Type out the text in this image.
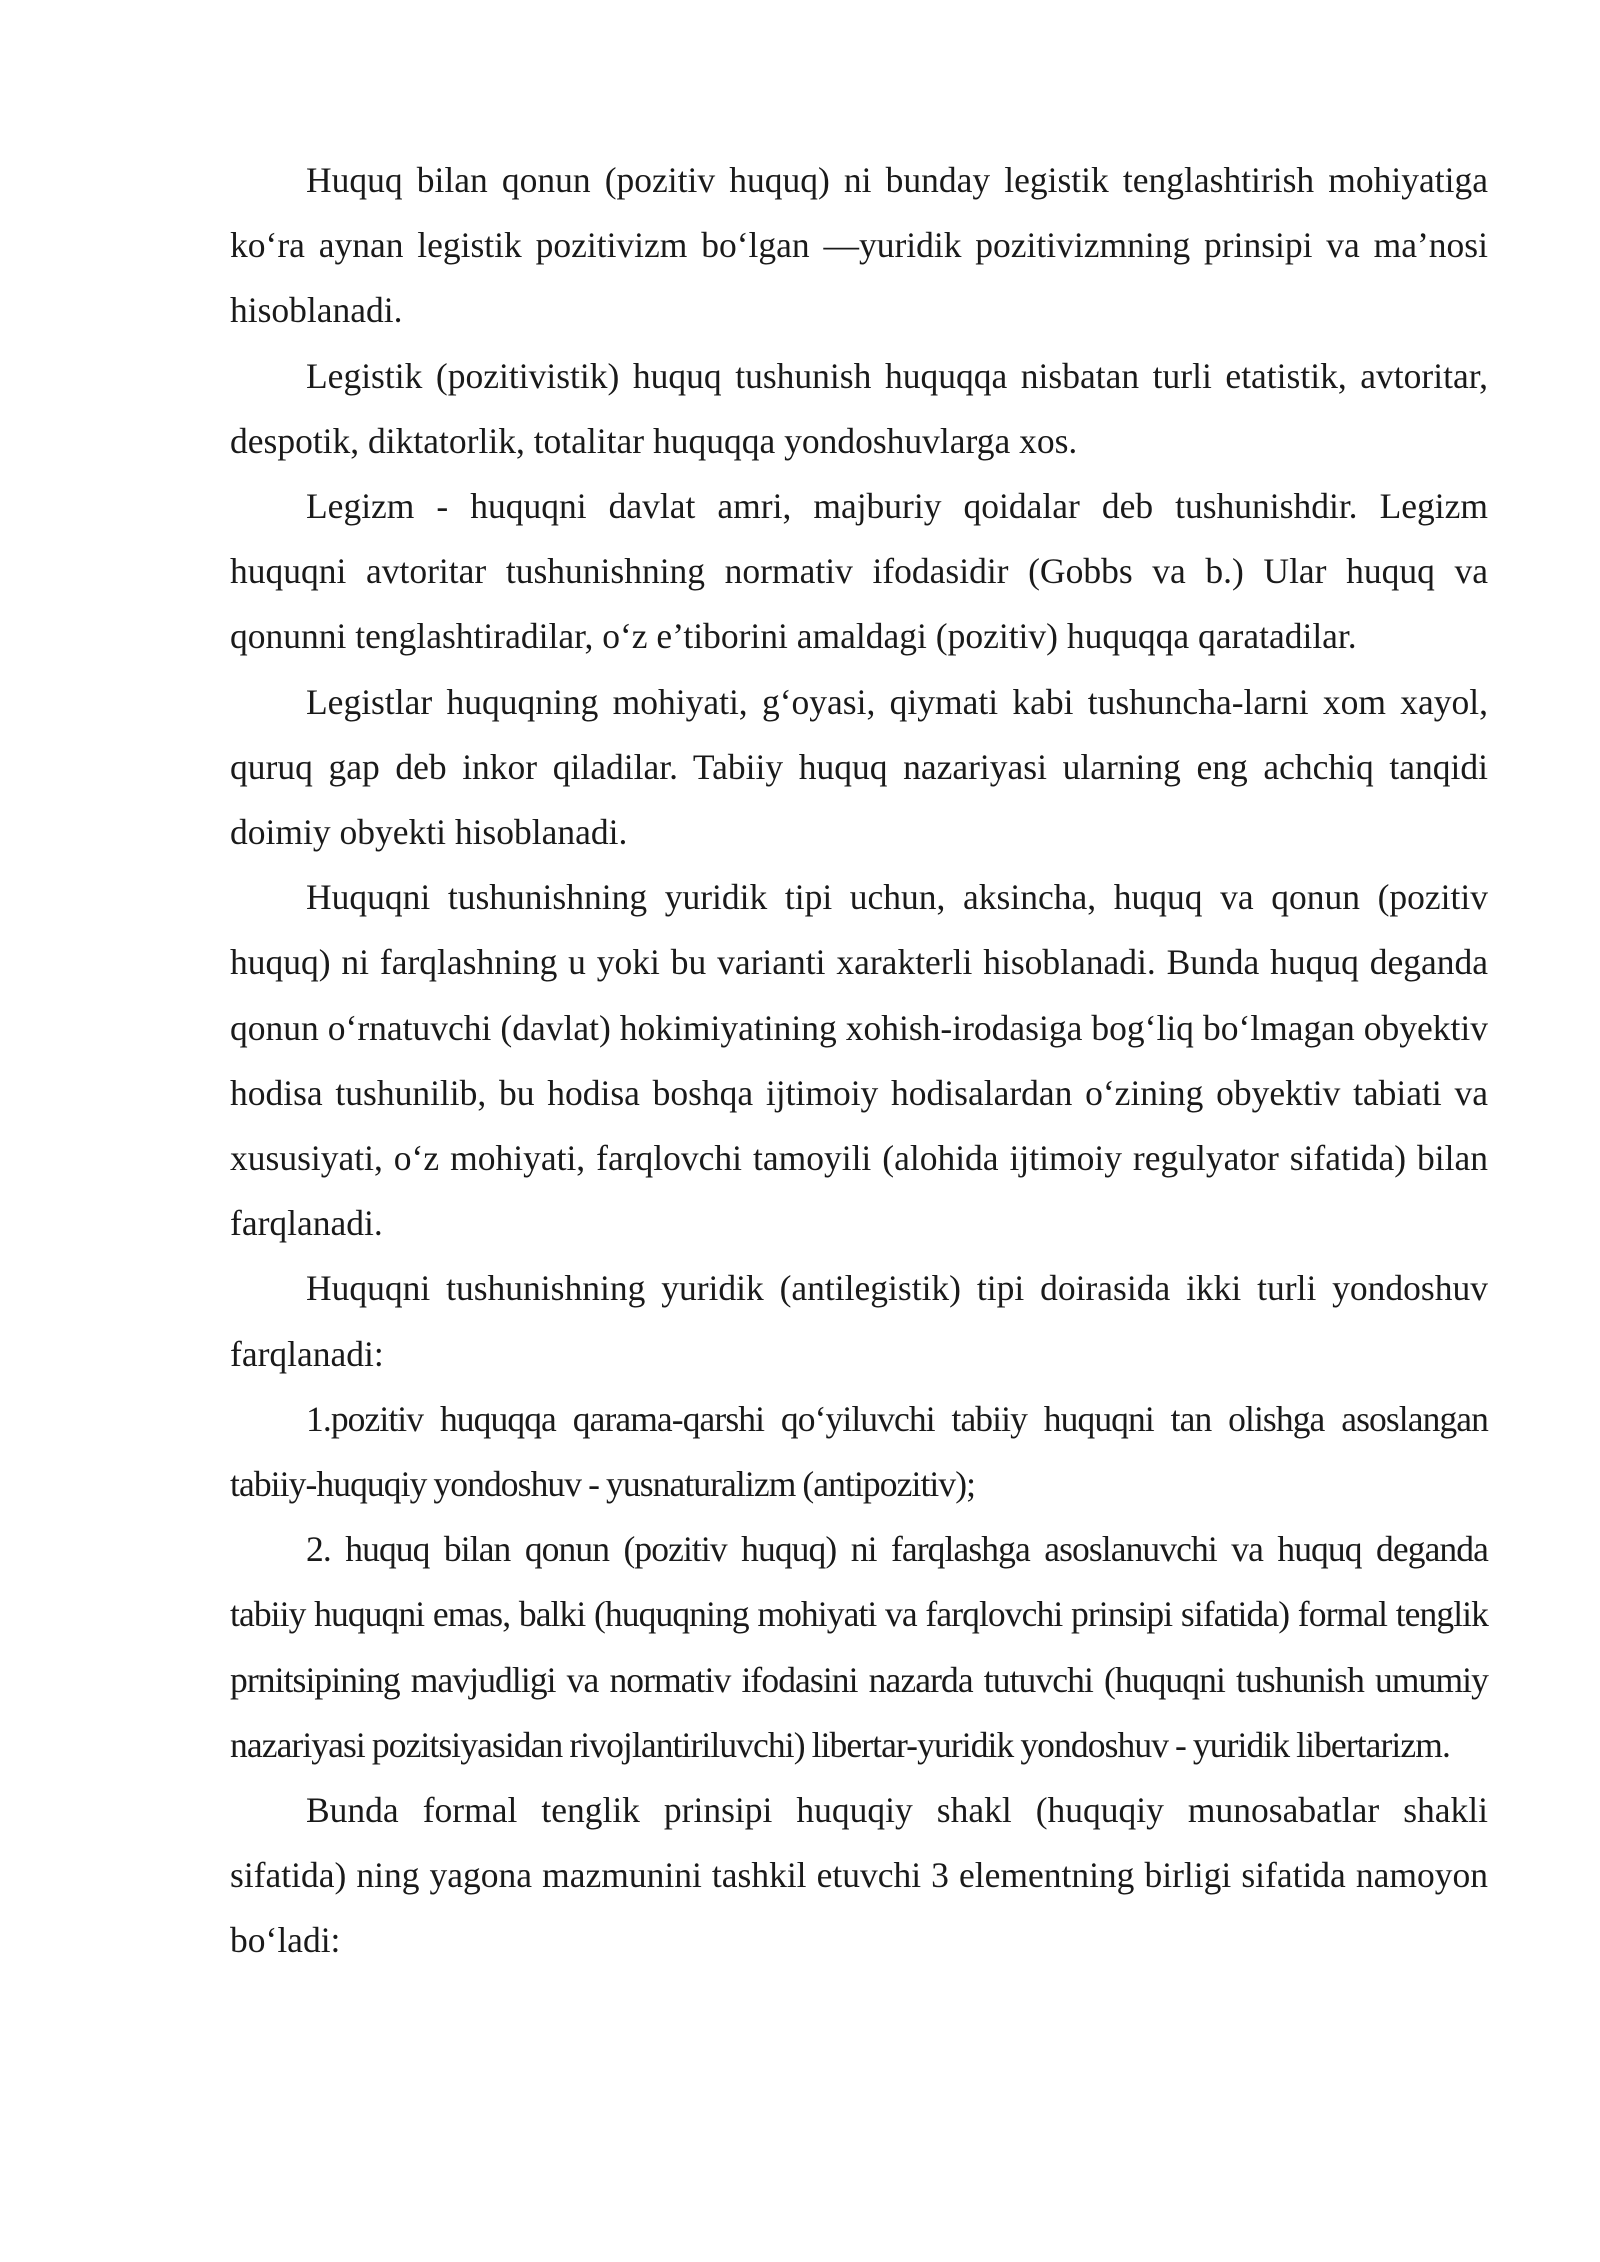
Huquq bilan qonun (pozitiv huquq) ni bunday legistik tenglashtirish mohiyatiga ko‘ra aynan legistik pozitivizm bo‘lgan ―yuridik pozitivizmning prinsipi va ma’nosi hisoblanadi.

Legistik (pozitivistik) huquq tushunish huquqqa nisbatan turli etatistik, avtoritar, despotik, diktatorlik, totalitar huquqqa yondoshuvlarga xos.

Legizm - huquqni davlat amri, majburiy qoidalar deb tushunishdir. Legizm huquqni avtoritar tushunishning normativ ifodasidir (Gobbs va b.) Ular huquq va qonunni tenglashtiradilar, o‘z e’tiborini amaldagi (pozitiv) huquqqa qaratadilar.

Legistlar huquqning mohiyati, g‘oyasi, qiymati kabi tushuncha-larni xom xayol, quruq gap deb inkor qiladilar. Tabiiy huquq nazariyasi ularning eng achchiq tanqidi doimiy obyekti hisoblanadi.

Huquqni tushunishning yuridik tipi uchun, aksincha, huquq va qonun (pozitiv huquq) ni farqlashning u yoki bu varianti xarakterli hisoblanadi. Bunda huquq deganda qonun o‘rnatuvchi (davlat) hokimiyatining xohish-irodasiga bog‘liq bo‘lmagan obyektiv hodisa tushunilib, bu hodisa boshqa ijtimoiy hodisalardan o‘zining obyektiv tabiati va xususiyati, o‘z mohiyati, farqlovchi tamoyili (alohida ijtimoiy regulyator sifatida) bilan farqlanadi.

Huquqni tushunishning yuridik (antilegistik) tipi doirasida ikki turli yondoshuv farqlanadi:

1.pozitiv huquqqa qarama-qarshi qo‘yiluvchi tabiiy huquqni tan olishga asoslangan tabiiy-huquqiy yondoshuv - yusnaturalizm (antipozitiv);

2. huquq bilan qonun (pozitiv huquq) ni farqlashga asoslanuvchi va huquq deganda tabiiy huquqni emas, balki (huquqning mohiyati va farqlovchi prinsipi sifatida) formal tenglik prnitsipining mavjudligi va normativ ifodasini nazarda tutuvchi (huquqni tushunish umumiy nazariyasi pozitsiyasidan rivojlantiriluvchi) libertar-yuridik yondoshuv - yuridik libertarizm.

Bunda formal tenglik prinsipi huquqiy shakl (huquqiy munosabatlar shakli sifatida) ning yagona mazmunini tashkil etuvchi 3 elementning birligi sifatida namoyon bo‘ladi:
